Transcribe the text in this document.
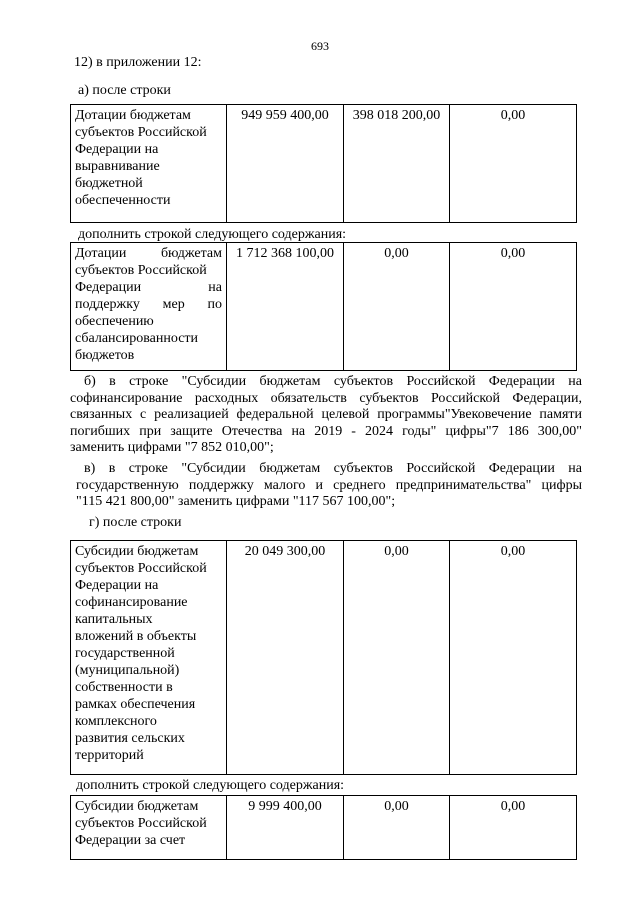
693
12) в приложении 12:
а) после строки
Дотации бюджетам
субъектов Российской
Федерации на
выравнивание
бюджетной
обеспеченности
	949 959 400,00	398 018 200,00	0,00
дополнить строкой следующего содержания:
Дотации бюджетам
субъектов Российской
Федерации на
поддержку мер по
обеспечению
сбалансированности
бюджетов
	1 712 368 100,00	0,00	0,00
б) в строке "Субсидии бюджетам субъектов Российской Федерации на
софинансирование расходных обязательств субъектов Российской Федерации,
связанных с реализацией федеральной целевой программы"Увековечение памяти
погибших при защите Отечества на 2019 - 2024 годы" цифры"7 186 300,00"
заменить цифрами "7 852 010,00";
в) в строке "Субсидии бюджетам субъектов Российской Федерации на
государственную поддержку малого и среднего предпринимательства" цифры
"115 421 800,00" заменить цифрами "117 567 100,00";
г) после строки
Субсидии бюджетам
субъектов Российской
Федерации на
софинансирование
капитальных
вложений в объекты
государственной
(муниципальной)
собственности в
рамках обеспечения
комплексного
развития сельских
территорий
	20 049 300,00	0,00	0,00
дополнить строкой следующего содержания:
Субсидии бюджетам
субъектов Российской
Федерации за счет
	9 999 400,00	0,00	0,00
